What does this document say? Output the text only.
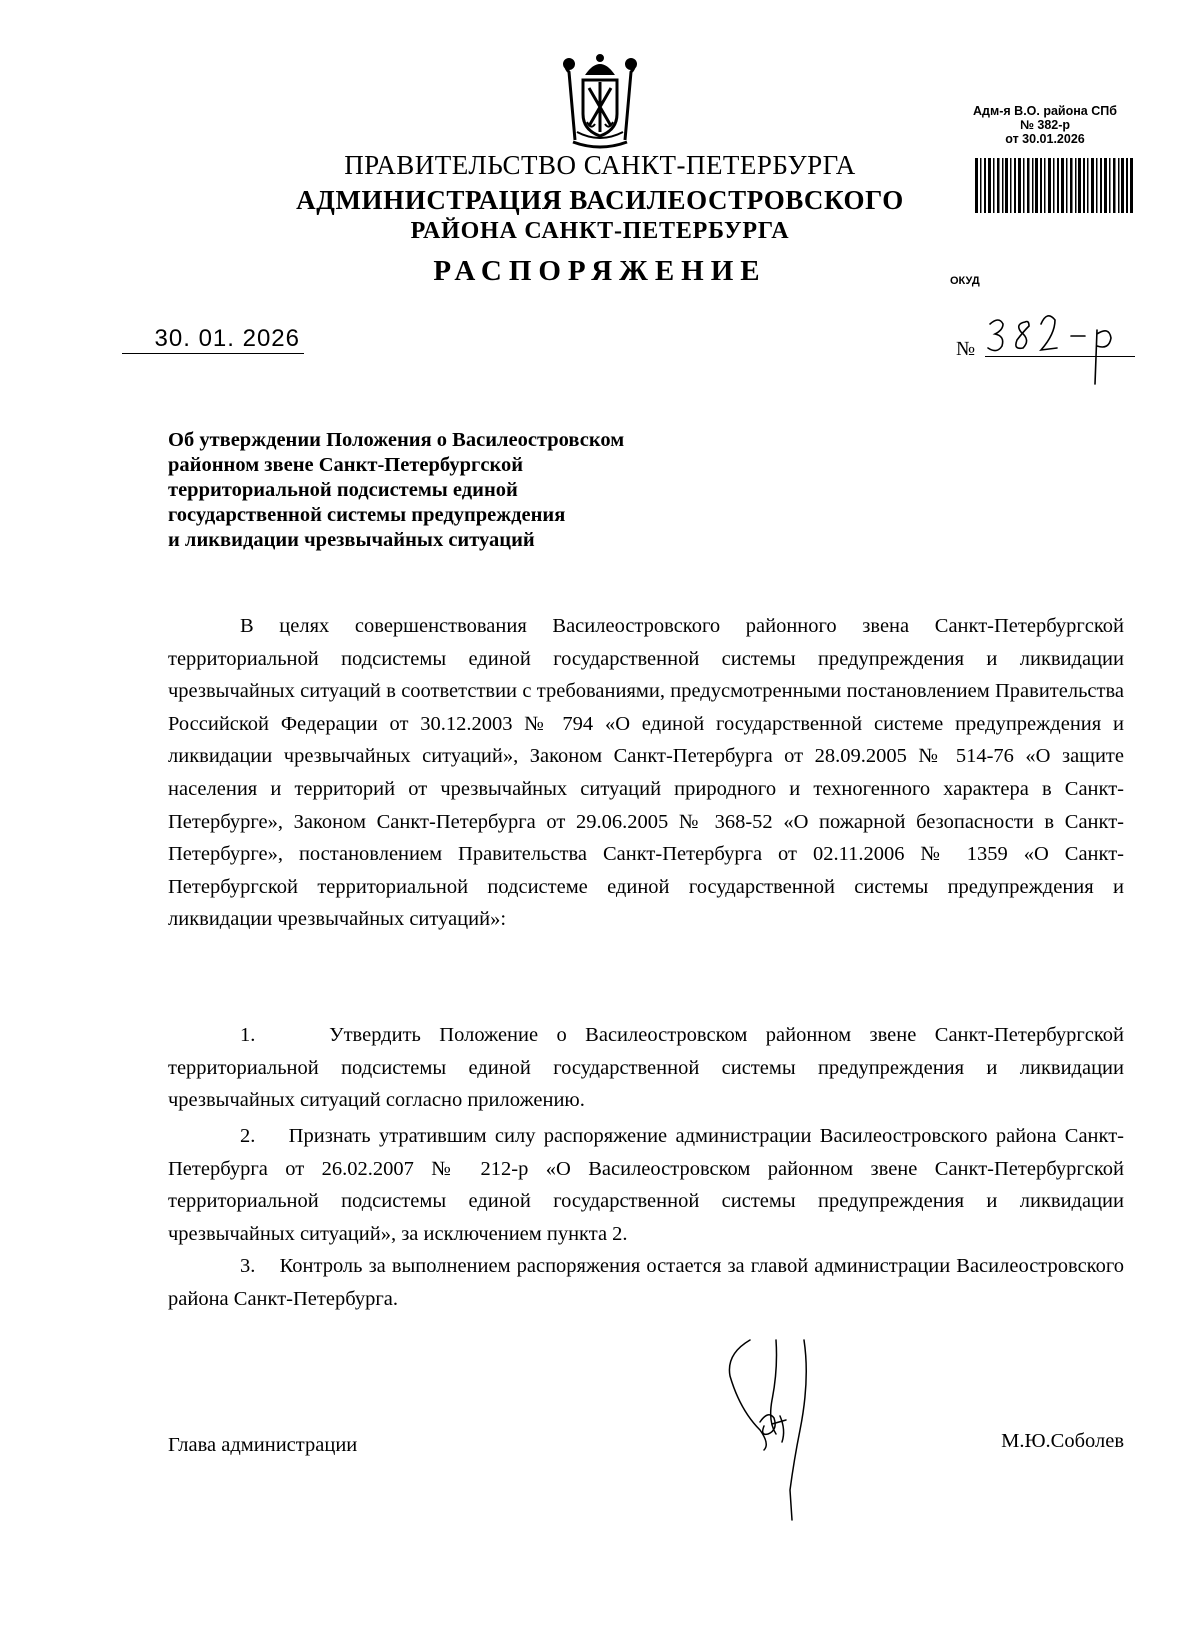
ПРАВИТЕЛЬСТВО САНКТ-ПЕТЕРБУРГА
АДМИНИСТРАЦИЯ ВАСИЛЕОСТРОВСКОГО
РАЙОНА САНКТ-ПЕТЕРБУРГА
РАСПОРЯЖЕНИЕ
Адм-я В.О. района СПб
№ 382-р
от 30.01.2026
ОКУД
30. 01. 2026	№
Об утверждении Положения о Василеостровском
районном звене Санкт-Петербургской
территориальной подсистемы единой
государственной системы предупреждения
и ликвидации чрезвычайных ситуаций
В целях совершенствования Василеостровского районного звена Санкт-Петербургской территориальной подсистемы единой государственной системы предупреждения и ликвидации чрезвычайных ситуаций в соответствии с требованиями, предусмотренными постановлением Правительства Российской Федерации от 30.12.2003 № 794 «О единой государственной системе предупреждения и ликвидации чрезвычайных ситуаций», Законом Санкт-Петербурга от 28.09.2005 № 514-76 «О защите населения и территорий от чрезвычайных ситуаций природного и техногенного характера в Санкт-Петербурге», Законом Санкт-Петербурга от 29.06.2005 № 368-52 «О пожарной безопасности в Санкт-Петербурге», постановлением Правительства Санкт-Петербурга от 02.11.2006 № 1359 «О Санкт-Петербургской территориальной подсистеме единой государственной системы предупреждения и ликвидации чрезвычайных ситуаций»:
1.	Утвердить Положение о Василеостровском районном звене Санкт-Петербургской территориальной подсистемы единой государственной системы предупреждения и ликвидации чрезвычайных ситуаций согласно приложению.
2. Признать утратившим силу распоряжение администрации Василеостровского района Санкт-Петербурга от 26.02.2007 № 212-р «О Василеостровском районном звене Санкт-Петербургской территориальной подсистемы единой государственной системы предупреждения и ликвидации чрезвычайных ситуаций», за исключением пункта 2.
3. Контроль за выполнением распоряжения остается за главой администрации Василеостровского района Санкт-Петербурга.
Глава администрации	М.Ю.Соболев
